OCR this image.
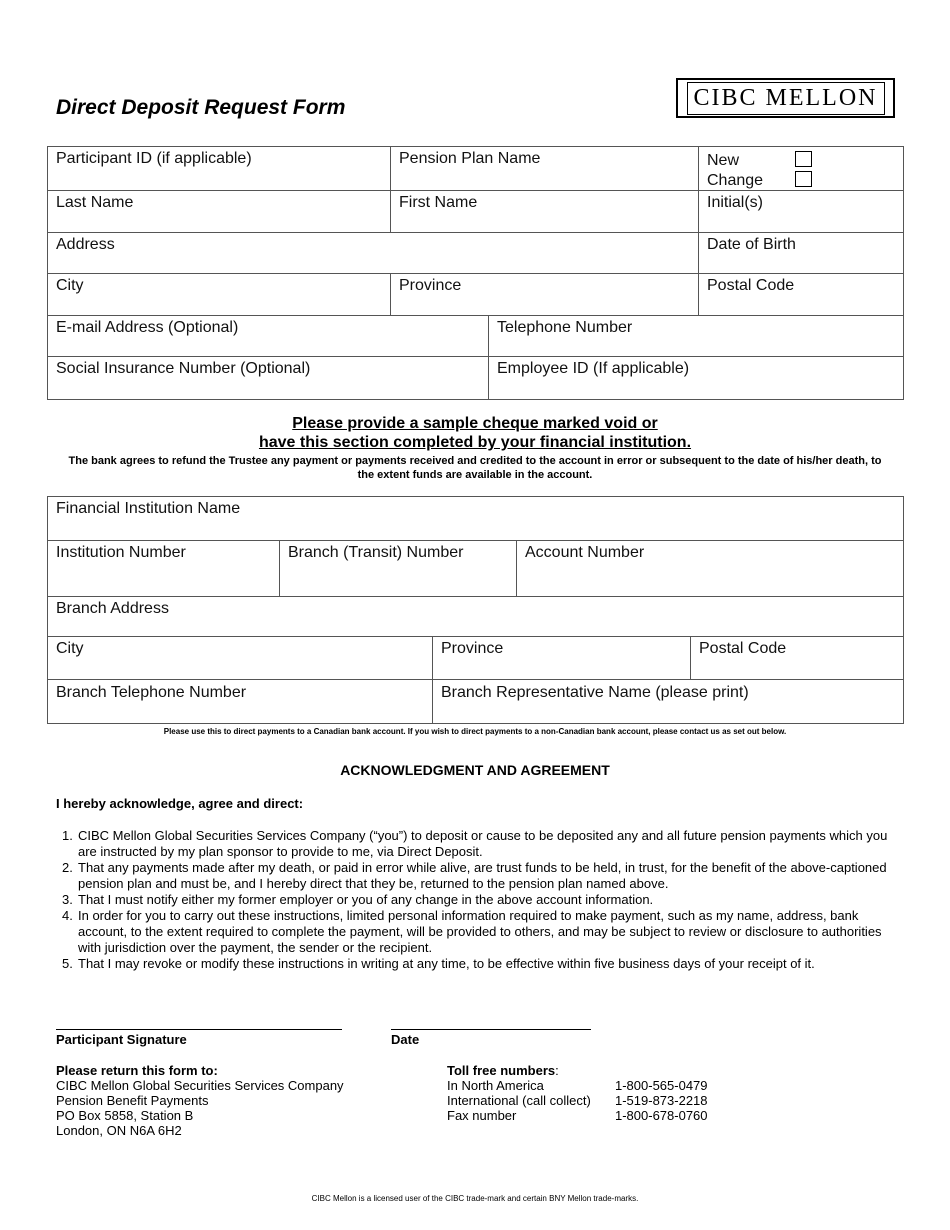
Direct Deposit Request Form	CIBC MELLON
Participant ID (if applicable)	Pension Plan Name	New
Change
Last Name	First Name	Initial(s)
Address	Date of Birth
City	Province	Postal Code
E-mail Address (Optional)	Telephone Number
Social Insurance Number (Optional)	Employee ID (If applicable)
Please provide a sample cheque marked void or
have this section completed by your financial institution.
The bank agrees to refund the Trustee any payment or payments received and credited to the account in error or subsequent to the date of his/her death, to the extent funds are available in the account.
Financial Institution Name
Institution Number	Branch (Transit) Number	Account Number
Branch Address
City	Province	Postal Code
Branch Telephone Number	Branch Representative Name (please print)
Please use this to direct payments to a Canadian bank account. If you wish to direct payments to a non-Canadian bank account, please contact us as set out below.
ACKNOWLEDGMENT AND AGREEMENT
I hereby acknowledge, agree and direct:
1. CIBC Mellon Global Securities Services Company (“you”) to deposit or cause to be deposited any and all future pension payments which you are instructed by my plan sponsor to provide to me, via Direct Deposit.
2. That any payments made after my death, or paid in error while alive, are trust funds to be held, in trust, for the benefit of the above-captioned pension plan and must be, and I hereby direct that they be, returned to the pension plan named above.
3. That I must notify either my former employer or you of any change in the above account information.
4. In order for you to carry out these instructions, limited personal information required to make payment, such as my name, address, bank account, to the extent required to complete the payment, will be provided to others, and may be subject to review or disclosure to authorities with jurisdiction over the payment, the sender or the recipient.
5. That I may revoke or modify these instructions in writing at any time, to be effective within five business days of your receipt of it.
Participant Signature	Date
Please return this form to:
CIBC Mellon Global Securities Services Company
Pension Benefit Payments
PO Box 5858, Station B
London, ON N6A 6H2
Toll free numbers:
In North America	1-800-565-0479
International (call collect) 1-519-873-2218
Fax number	1-800-678-0760
CIBC Mellon is a licensed user of the CIBC trade-mark and certain BNY Mellon trade-marks.
